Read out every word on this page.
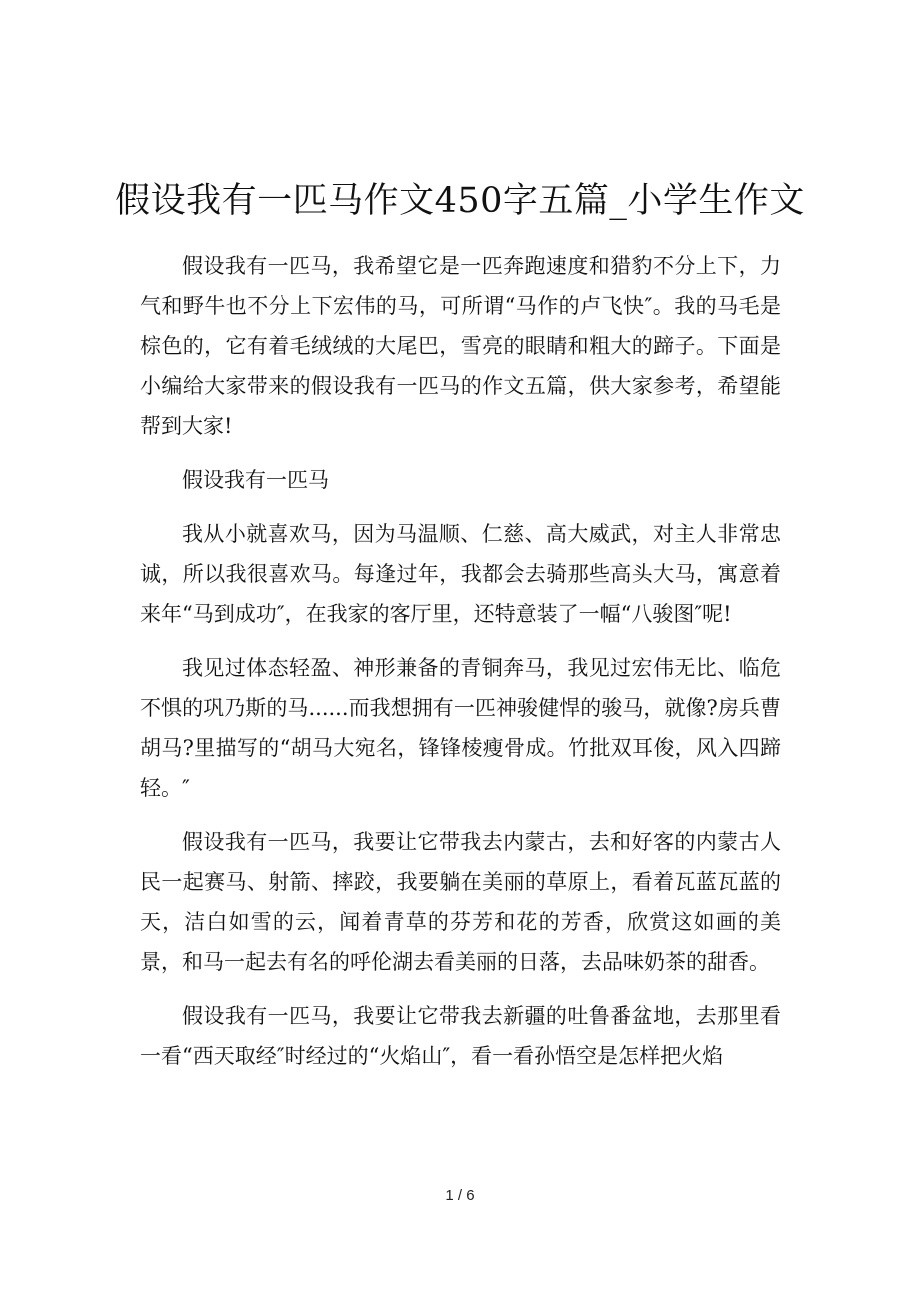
假设我有一匹马作文450字五篇_小学生作文

假设我有一匹马，我希望它是一匹奔跑速度和猎豹不分上下，力气和野牛也不分上下宏伟的马，可所谓“马作的卢飞快″。我的马毛是棕色的，它有着毛绒绒的大尾巴，雪亮的眼睛和粗大的蹄子。下面是小编给大家带来的假设我有一匹马的作文五篇，供大家参考，希望能帮到大家!

假设我有一匹马

我从小就喜欢马，因为马温顺、仁慈、高大威武，对主人非常忠诚，所以我很喜欢马。每逢过年，我都会去骑那些高头大马，寓意着来年“马到成功″，在我家的客厅里，还特意装了一幅“八骏图″呢!

我见过体态轻盈、神形兼备的青铜奔马，我见过宏伟无比、临危不惧的巩乃斯的马......而我想拥有一匹神骏健悍的骏马，就像?房兵曹胡马?里描写的“胡马大宛名，锋锋棱瘦骨成。竹批双耳俊，风入四蹄轻。″

假设我有一匹马，我要让它带我去内蒙古，去和好客的内蒙古人民一起赛马、射箭、摔跤，我要躺在美丽的草原上，看着瓦蓝瓦蓝的天，洁白如雪的云，闻着青草的芬芳和花的芳香，欣赏这如画的美景，和马一起去有名的呼伦湖去看美丽的日落，去品味奶茶的甜香。

假设我有一匹马，我要让它带我去新疆的吐鲁番盆地，去那里看一看“西天取经″时经过的“火焰山″，看一看孙悟空是怎样把火焰

1 / 6
